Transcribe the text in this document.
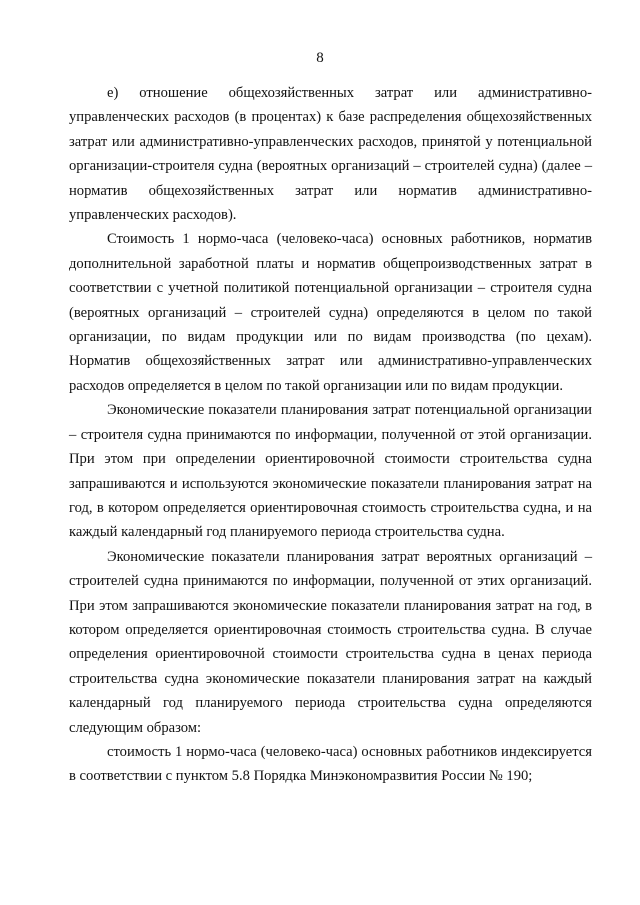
8

е) отношение общехозяйственных затрат или административно-управленческих расходов (в процентах) к базе распределения общехозяйственных затрат или административно-управленческих расходов, принятой у потенциальной организации-строителя судна (вероятных организаций – строителей судна) (далее – норматив общехозяйственных затрат или норматив административно-управленческих расходов).

Стоимость 1 нормо-часа (человеко-часа) основных работников, норматив дополнительной заработной платы и норматив общепроизводственных затрат в соответствии с учетной политикой потенциальной организации – строителя судна (вероятных организаций – строителей судна) определяются в целом по такой организации, по видам продукции или по видам производства (по цехам). Норматив общехозяйственных затрат или административно-управленческих расходов определяется в целом по такой организации или по видам продукции.

Экономические показатели планирования затрат потенциальной организации – строителя судна принимаются по информации, полученной от этой организации. При этом при определении ориентировочной стоимости строительства судна запрашиваются и используются экономические показатели планирования затрат на год, в котором определяется ориентировочная стоимость строительства судна, и на каждый календарный год планируемого периода строительства судна.

Экономические показатели планирования затрат вероятных организаций – строителей судна принимаются по информации, полученной от этих организаций. При этом запрашиваются экономические показатели планирования затрат на год, в котором определяется ориентировочная стоимость строительства судна. В случае определения ориентировочной стоимости строительства судна в ценах периода строительства судна экономические показатели планирования затрат на каждый календарный год планируемого периода строительства судна определяются следующим образом:

стоимость 1 нормо-часа (человеко-часа) основных работников индексируется в соответствии с пунктом 5.8 Порядка Минэкономразвития России № 190;
